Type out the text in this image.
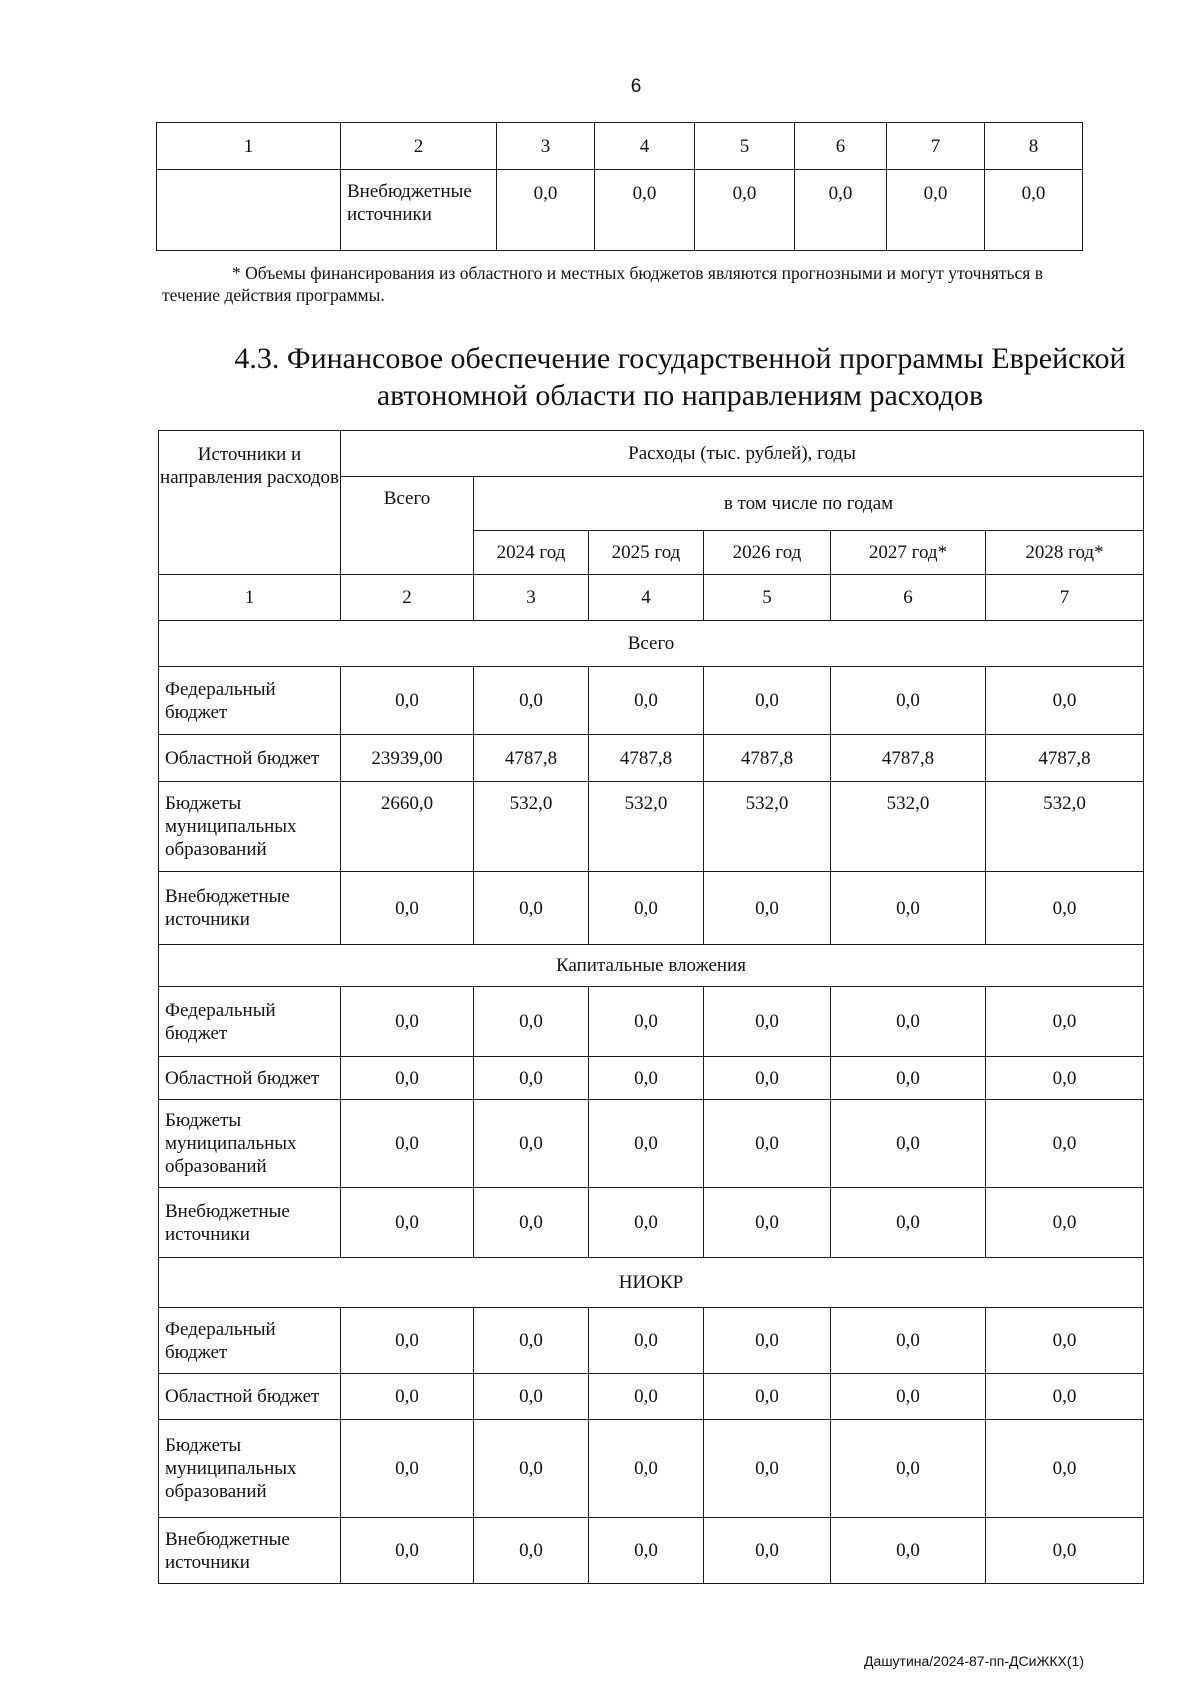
6
1	2	3	4	5	6	7	8
	Внебюджетные источники	0,0	0,0	0,0	0,0	0,0	0,0
* Объемы финансирования из областного и местных бюджетов являются прогнозными и могут уточняться в течение действия программы.
4.3. Финансовое обеспечение государственной программы Еврейской автономной области по направлениям расходов
Источники и направления расходов	Расходы (тыс. рублей), годы					
	Всего	в том числе по годам				
		2024 год	2025 год	2026 год	2027 год*	2028 год*
1	2	3	4	5	6	7
Всего						
Федеральный бюджет	0,0	0,0	0,0	0,0	0,0	0,0
Областной бюджет	23939,00	4787,8	4787,8	4787,8	4787,8	4787,8
Бюджеты муниципальных образований	2660,0	532,0	532,0	532,0	532,0	532,0
Внебюджетные источники	0,0	0,0	0,0	0,0	0,0	0,0
Капитальные вложения						
Федеральный бюджет	0,0	0,0	0,0	0,0	0,0	0,0
Областной бюджет	0,0	0,0	0,0	0,0	0,0	0,0
Бюджеты муниципальных образований	0,0	0,0	0,0	0,0	0,0	0,0
Внебюджетные источники	0,0	0,0	0,0	0,0	0,0	0,0
НИОКР						
Федеральный бюджет	0,0	0,0	0,0	0,0	0,0	0,0
Областной бюджет	0,0	0,0	0,0	0,0	0,0	0,0
Бюджеты муниципальных образований	0,0	0,0	0,0	0,0	0,0	0,0
Внебюджетные источники	0,0	0,0	0,0	0,0	0,0	0,0
Дашутина/2024-87-пп-ДСиЖКХ(1)
